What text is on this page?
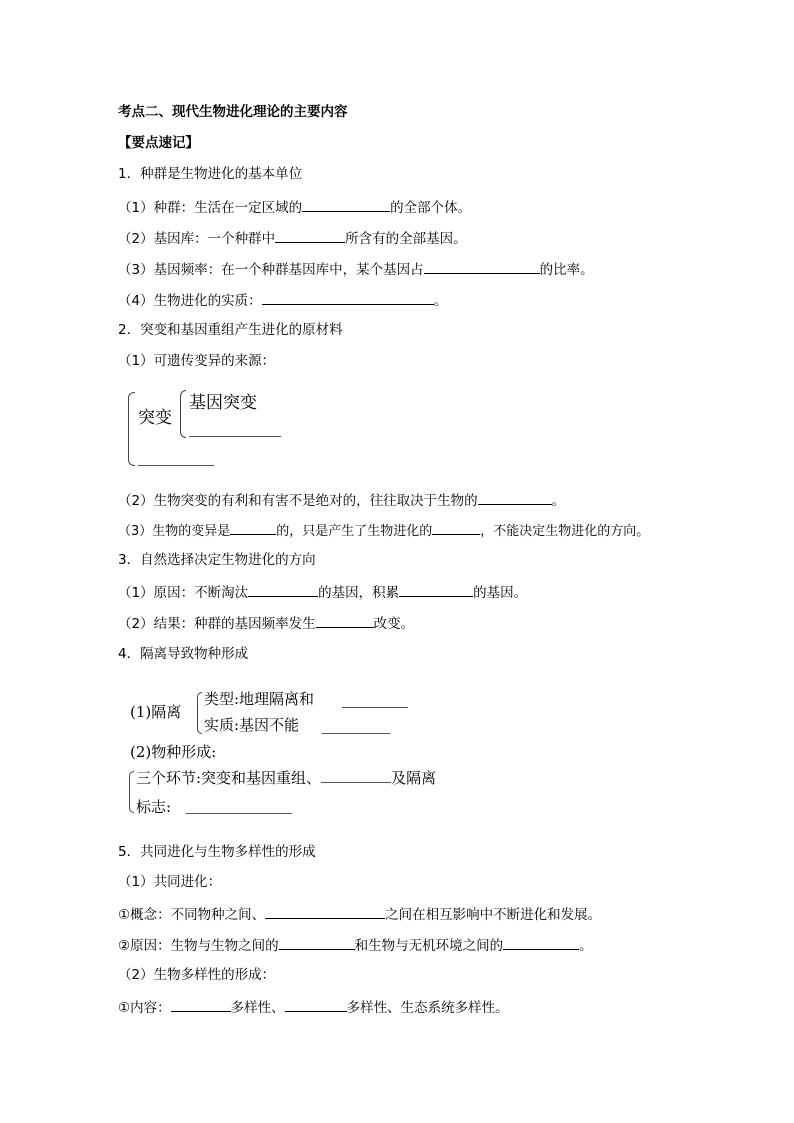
考点二、现代生物进化理论的主要内容
【要点速记】
1．种群是生物进化的基本单位
（1）种群：生活在一定区域的	的全部个体。
（2）基因库：一个种群中	所含有的全部基因。
（3）基因频率：在一个种群基因库中，某个基因占	的比率。
（4）生物进化的实质：	。
2．突变和基因重组产生进化的原材料
（1）可遗传变异的来源：
突变
基因突变
（2）生物突变的有利和有害不是绝对的，往往取决于生物的	。
（3）生物的变异是	的，只是产生了生物进化的	，不能决定生物进化的方向。
3．自然选择决定生物进化的方向
（1）原因：不断淘汰	的基因，积累	的基因。
（2）结果：种群的基因频率发生	改变。
4．隔离导致物种形成
(1)隔离
类型:地理隔离和
实质:基因不能
(2)物种形成:
三个环节:突变和基因重组、	及隔离
标志:
5．共同进化与生物多样性的形成
（1）共同进化：
①概念：不同物种之间、	之间在相互影响中不断进化和发展。
②原因：生物与生物之间的	和生物与无机环境之间的	。
（2）生物多样性的形成：
①内容：	多样性、	多样性、生态系统多样性。
